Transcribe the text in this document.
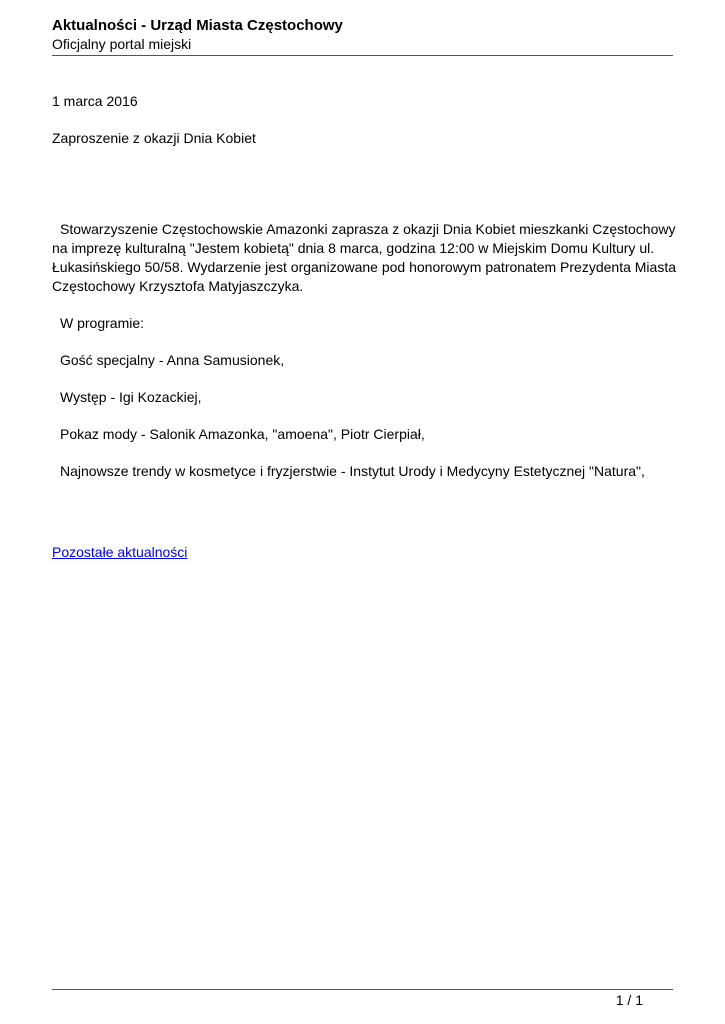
Aktualności - Urząd Miasta Częstochowy

Oficjalny portal miejski

1 marca 2016

Zaproszenie z okazji Dnia Kobiet

Stowarzyszenie Częstochowskie Amazonki zaprasza z okazji Dnia Kobiet mieszkanki Częstochowy na imprezę kulturalną "Jestem kobietą" dnia 8 marca, godzina 12:00 w Miejskim Domu Kultury ul. Łukasińskiego 50/58. Wydarzenie jest organizowane pod honorowym patronatem Prezydenta Miasta Częstochowy Krzysztofa Matyjaszczyka.

W programie:

Gość specjalny - Anna Samusionek,

Występ - Igi Kozackiej,

Pokaz mody - Salonik Amazonka, "amoena", Piotr Cierpiał,

Najnowsze trendy w kosmetyce i fryzjerstwie - Instytut Urody i Medycyny Estetycznej "Natura",

Pozostałe aktualności
1 / 1
